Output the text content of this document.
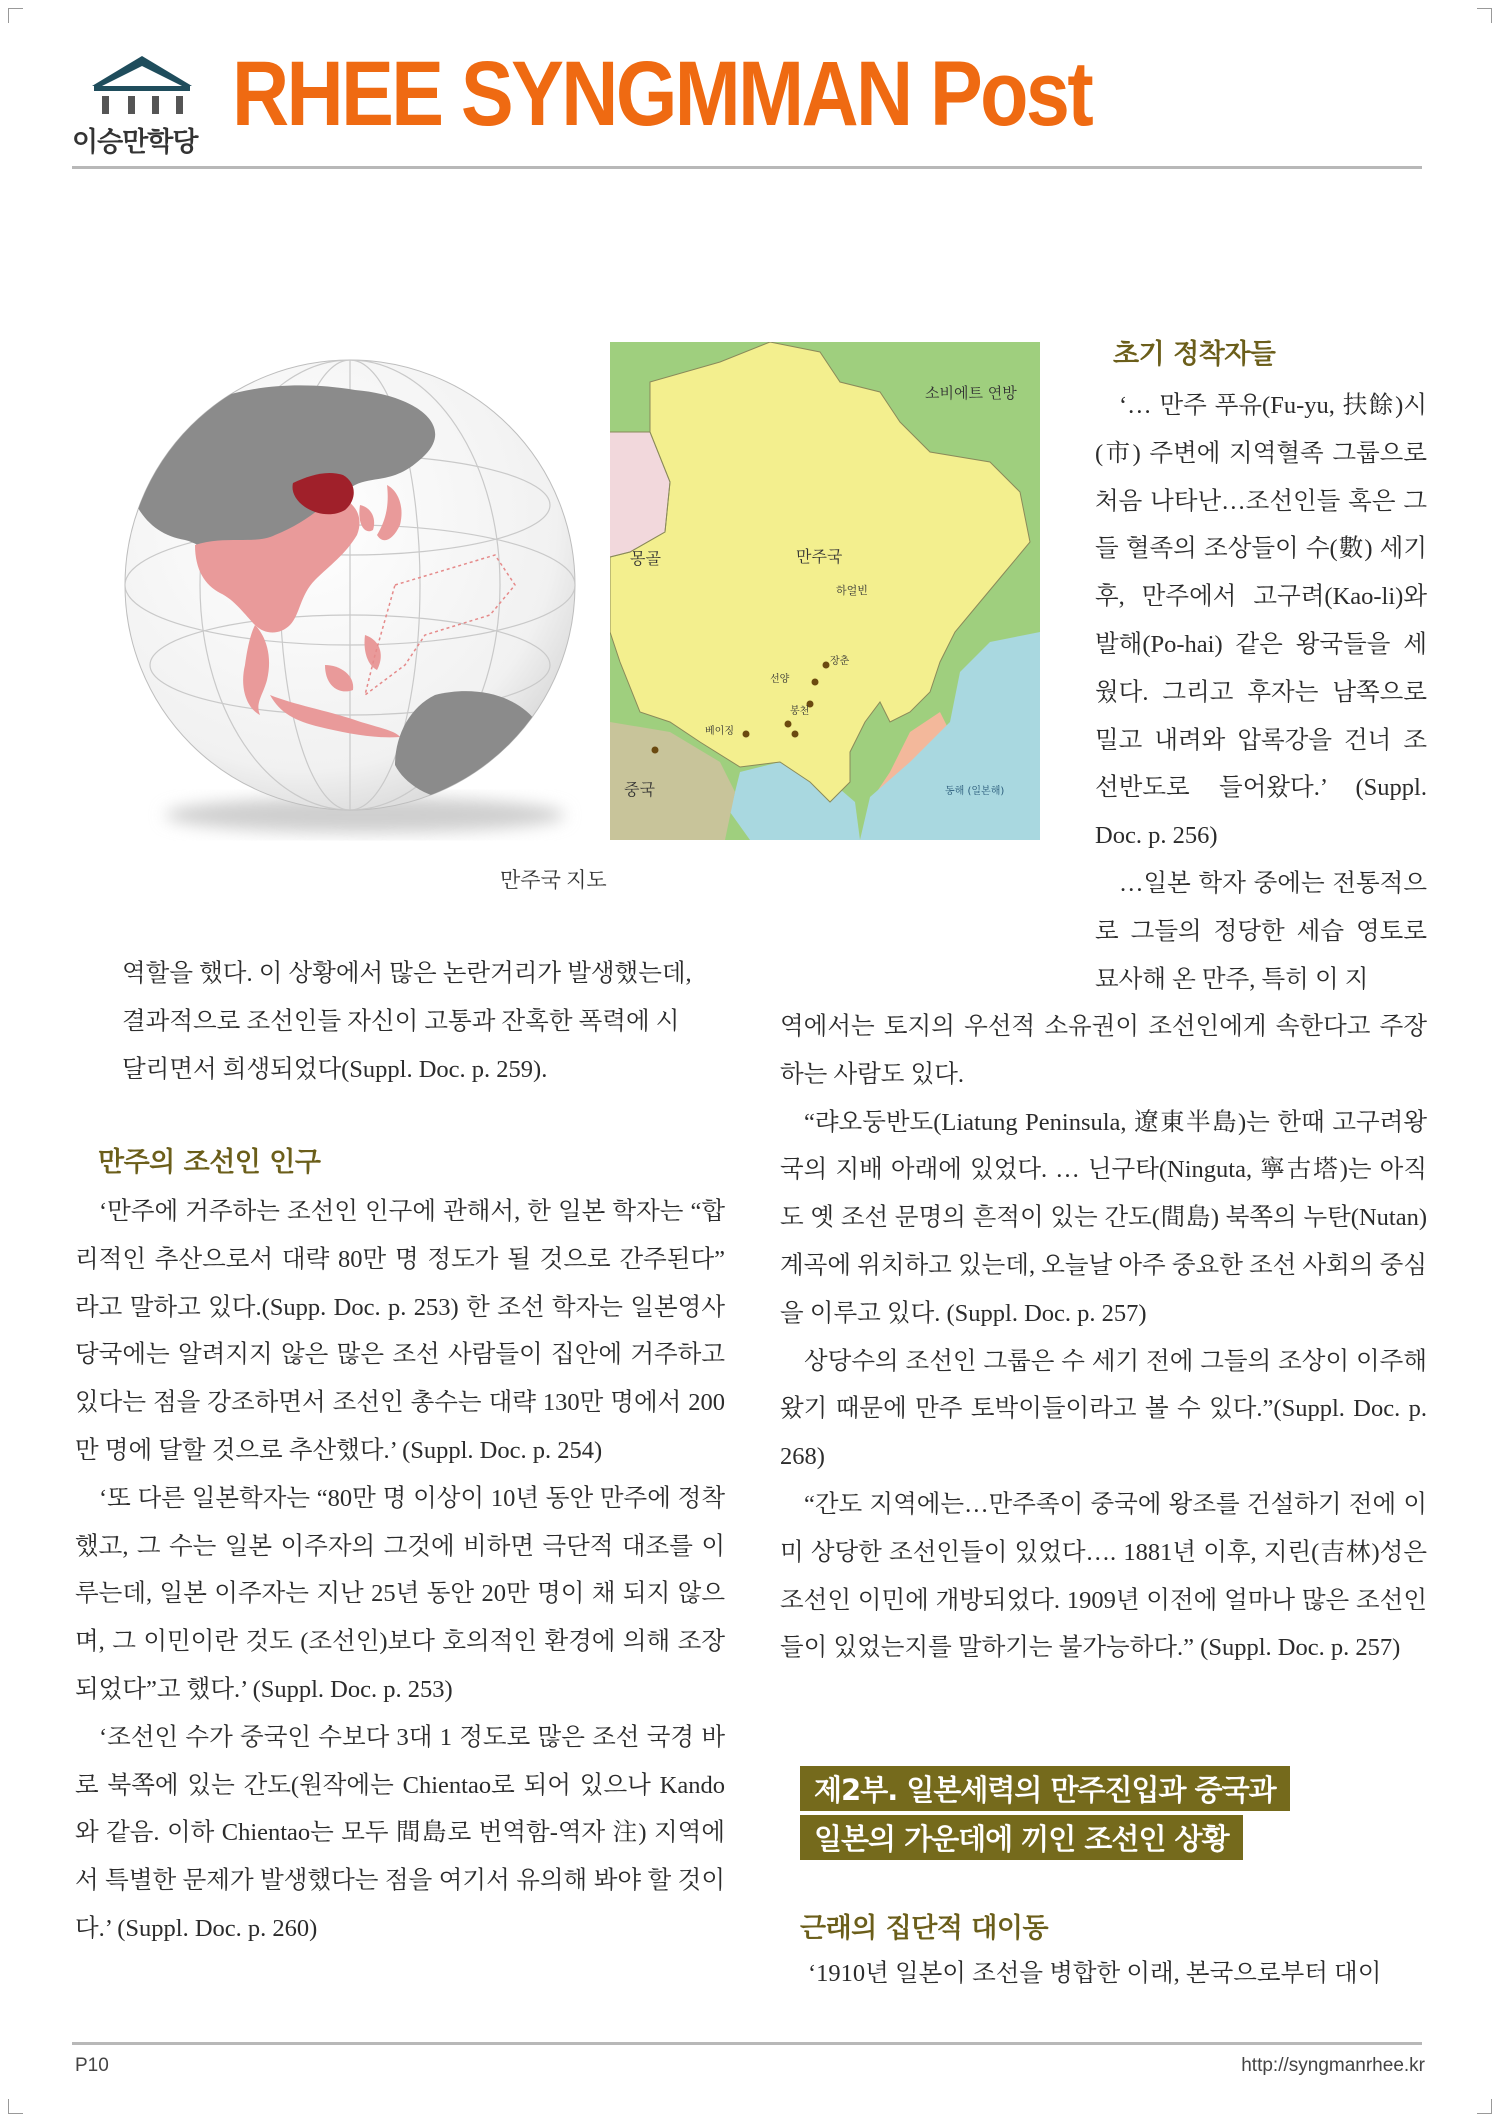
이승만학당 RHEE SYNGMMAN Post
소비에트 연방
몽골	만주국
하얼빈
장춘
선양
봉천
베이징
중국	동해 (일본해)
만주국 지도

역할을 했다. 이 상황에서 많은 논란거리가 발생했는데,

결과적으로 조선인들 자신이 고통과 잔혹한 폭력에 시

달리면서 희생되었다(Suppl. Doc. p. 259).

만주의 조선인 인구

‘만주에 거주하는 조선인 인구에 관해서, 한 일본 학자는 “합리적인 추산으로서 대략 80만 명 정도가 될 것으로 간주된다” 라고 말하고 있다.(Supp. Doc. p. 253) 한 조선 학자는 일본영사당국에는 알려지지 않은 많은 조선 사람들이 집안에 거주하고 있다는 점을 강조하면서 조선인 총수는 대략 130만 명에서 200만 명에 달할 것으로 추산했다.’ (Suppl. Doc. p. 254)

‘또 다른 일본학자는 “80만 명 이상이 10년 동안 만주에 정착했고, 그 수는 일본 이주자의 그것에 비하면 극단적 대조를 이루는데, 일본 이주자는 지난 25년 동안 20만 명이 채 되지 않으며, 그 이민이란 것도 (조선인)보다 호의적인 환경에 의해 조장되었다”고 했다.’ (Suppl. Doc. p. 253)

‘조선인 수가 중국인 수보다 3대 1 정도로 많은 조선 국경 바로 북쪽에 있는 간도(원작에는 Chientao로 되어 있으나 Kando와 같음. 이하 Chientao는 모두 間島로 번역함-역자 注) 지역에서 특별한 문제가 발생했다는 점을 여기서 유의해 봐야 할 것이다.’ (Suppl. Doc. p. 260)

초기 정착자들

‘… 만주 푸유(Fu-yu, 扶餘)시(市) 주변에 지역혈족 그룹으로 처음 나타난…조선인들 혹은 그들 혈족의 조상들이 수(數) 세기 후, 만주에서 고구려(Kao-li)와 발해(Po-hai) 같은 왕국들을 세웠다. 그리고 후자는 남쪽으로 밀고 내려와 압록강을 건너 조선반도로 들어왔다.’ (Suppl. Doc. p. 256)

…일본 학자 중에는 전통적으로 그들의 정당한 세습 영토로 묘사해 온 만주, 특히 이 지

역에서는 토지의 우선적 소유권이 조선인에게 속한다고 주장하는 사람도 있다.

“랴오둥반도(Liatung Peninsula, 遼東半島)는 한때 고구려왕국의 지배 아래에 있었다. … 닌구타(Ninguta, 寧古塔)는 아직도 옛 조선 문명의 흔적이 있는 간도(間島) 북쪽의 누탄(Nutan) 계곡에 위치하고 있는데, 오늘날 아주 중요한 조선 사회의 중심을 이루고 있다. (Suppl. Doc. p. 257)

상당수의 조선인 그룹은 수 세기 전에 그들의 조상이 이주해 왔기 때문에 만주 토박이들이라고 볼 수 있다.”(Suppl. Doc. p. 268)

“간도 지역에는…만주족이 중국에 왕조를 건설하기 전에 이미 상당한 조선인들이 있었다…. 1881년 이후, 지린(吉林)성은 조선인 이민에 개방되었다. 1909년 이전에 얼마나 많은 조선인들이 있었는지를 말하기는 불가능하다.” (Suppl. Doc. p. 257)

제2부. 일본세력의 만주진입과 중국과
일본의 가운데에 끼인 조선인 상황
근래의 집단적 대이동

‘1910년 일본이 조선을 병합한 이래, 본국으로부터 대이

P10	http://syngmanrhee.kr
